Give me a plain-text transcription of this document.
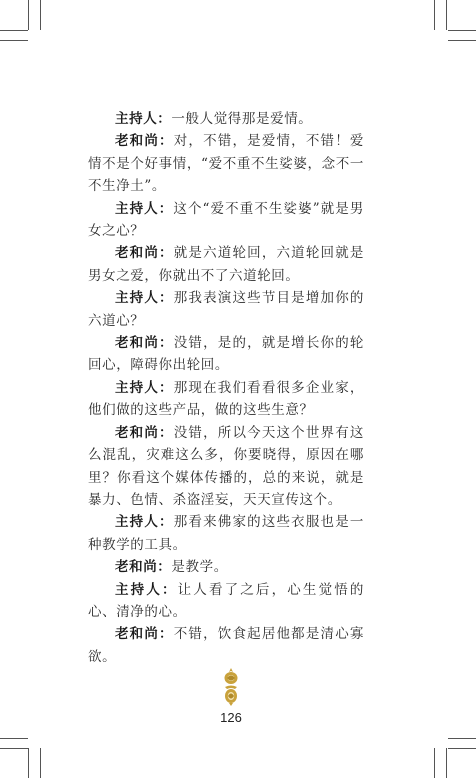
主持人：一般人觉得那是爱情。

老和尚：对，不错，是爱情，不错！爱情不是个好事情，“爱不重不生娑婆，念不一不生净土”。

主持人：这个“爱不重不生娑婆”就是男女之心？

老和尚：就是六道轮回，六道轮回就是男女之爱，你就出不了六道轮回。

主持人：那我表演这些节目是增加你的六道心？

老和尚：没错，是的，就是增长你的轮回心，障碍你出轮回。

主持人：那现在我们看看很多企业家，他们做的这些产品，做的这些生意？

老和尚：没错，所以今天这个世界有这么混乱，灾难这么多，你要晓得，原因在哪里？你看这个媒体传播的，总的来说，就是暴力、色情、杀盗淫妄，天天宣传这个。

主持人：那看来佛家的这些衣服也是一种教学的工具。

老和尚：是教学。

主持人：让人看了之后，心生觉悟的心、清净的心。

老和尚：不错，饮食起居他都是清心寡欲。

126
